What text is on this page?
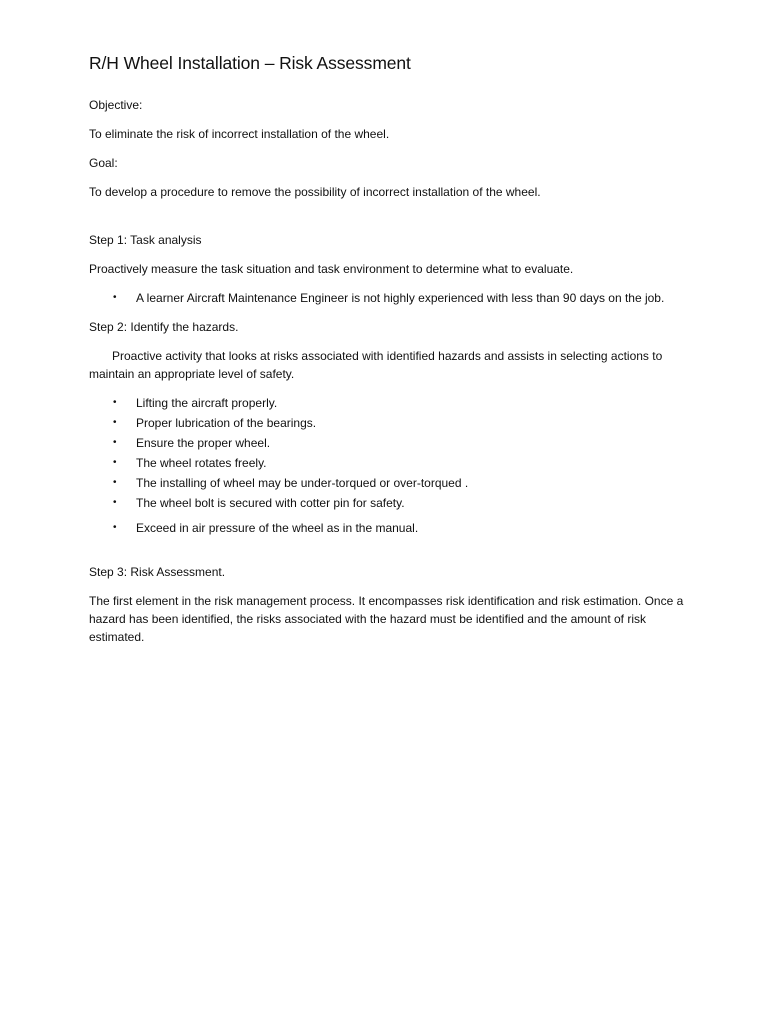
R/H Wheel Installation – Risk Assessment

Objective:

To eliminate the risk of incorrect installation of the wheel.

Goal:

To develop a procedure to remove the possibility of incorrect installation of the wheel.

Step 1: Task analysis

Proactively measure the task situation and task environment to determine what to evaluate.

• A learner Aircraft Maintenance Engineer is not highly experienced with less than 90 days on the job.

Step 2: Identify the hazards.

Proactive activity that looks at risks associated with identified hazards and assists in selecting actions to maintain an appropriate level of safety.

• Lifting the aircraft properly.
• Proper lubrication of the bearings.
• Ensure the proper wheel.
• The wheel rotates freely.
• The installing of wheel may be under-torqued or over-torqued .
• The wheel bolt is secured with cotter pin for safety.
• Exceed in air pressure of the wheel as in the manual.

Step 3: Risk Assessment.

The first element in the risk management process. It encompasses risk identification and risk estimation. Once a hazard has been identified, the risks associated with the hazard must be identified and the amount of risk estimated.
